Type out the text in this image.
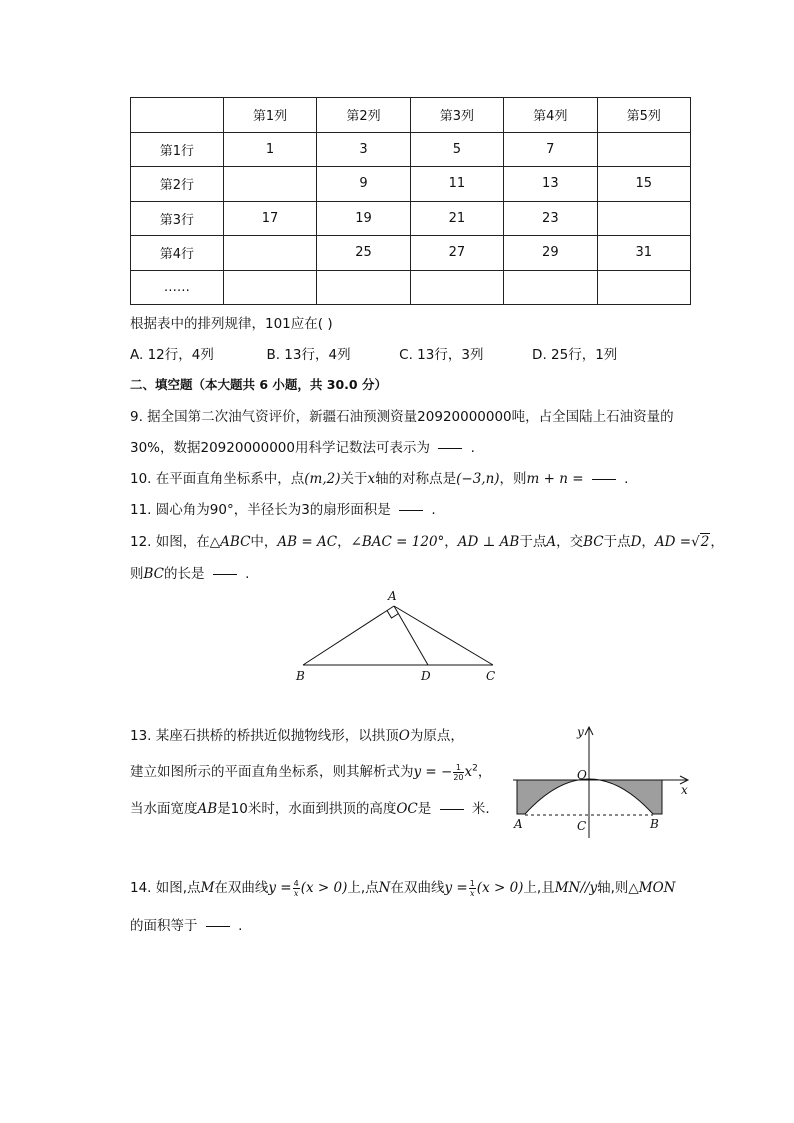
	第1列	第2列	第3列	第4列	第5列
第1行	1	3	5	7	
第2行		9	11	13	15
第3行	17	19	21	23	
第4行		25	27	29	31
……					
根据表中的排列规律，101应在( )
A. 12行，4列	B. 13行，4列	C. 13行，3列	D. 25行，1列
二、填空题（本大题共 6 小题，共 30.0 分）
9. 据全国第二次油气资评价，新疆石油预测资量20920000000吨，占全国陆上石油资量的
30%，数据20920000000用科学记数法可表示为	.
10. 在平面直角坐标系中，点(m,2)关于x轴的对称点是(−3,n)，则m + n =	.
11. 圆心角为90°，半径长为3的扇形面积是	.
12. 如图，在△ABC中，AB = AC，∠BAC = 120°，AD ⊥ AB于点A，交BC于点D，AD =√2，
则BC的长是	.
A
B	D	C
13. 某座石拱桥的桥拱近似抛物线形，以拱顶O为原点，
建立如图所示的平面直角坐标系，则其解析式为y = − $\frac{1}{20} x^2$，
当水面宽度AB是10米时，水面到拱顶的高度OC是	米.
y
x
O
A	C	B
14. 如图,点M在双曲线$y = \frac{4}{x} (x > 0)$上,点N在双曲线$y = \frac{1}{x} (x > 0)$上,且MN//y轴,则△MON
的面积等于	.
